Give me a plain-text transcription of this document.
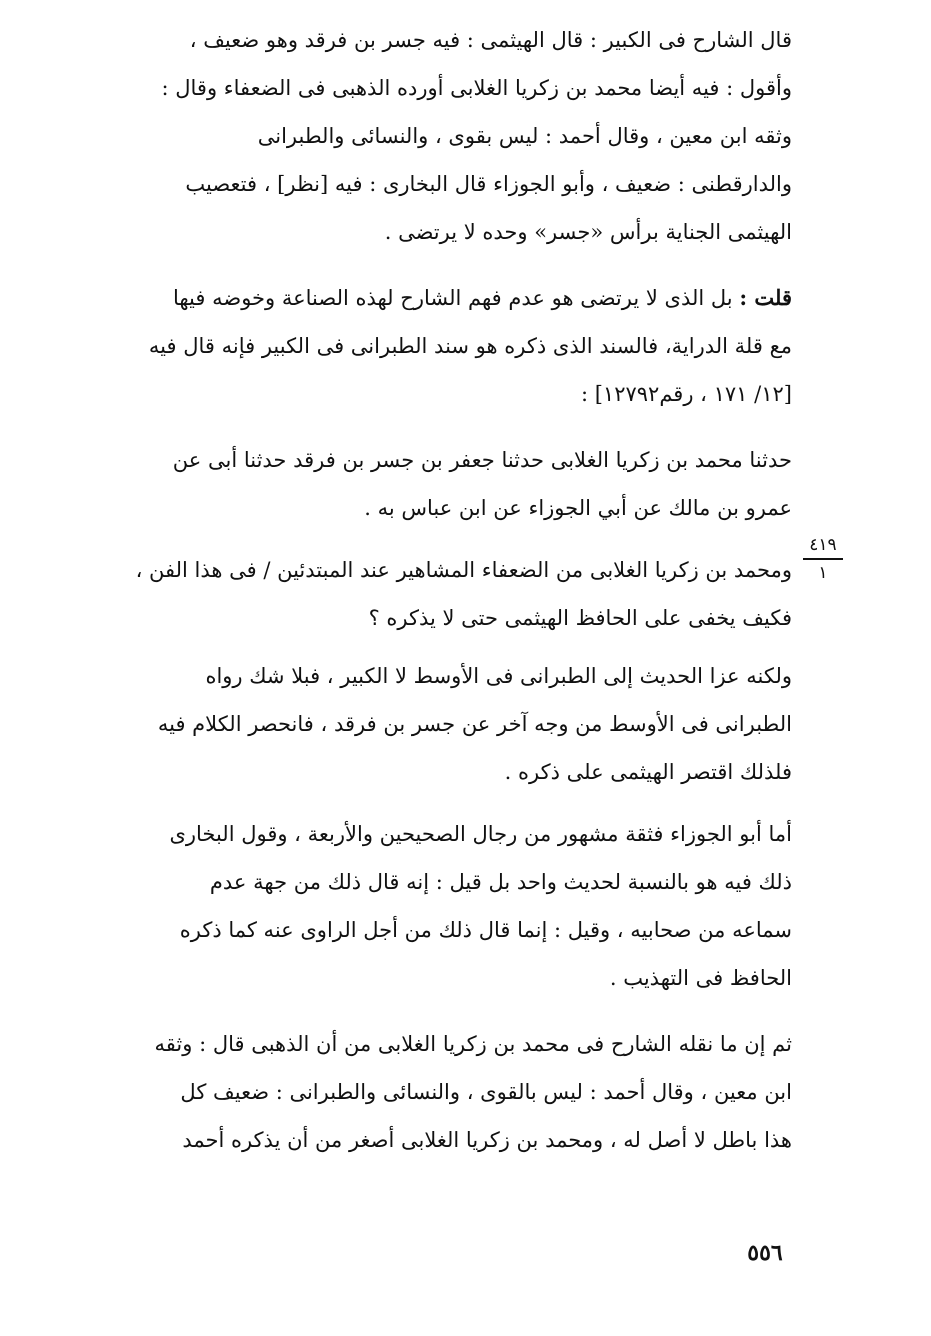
قال الشارح فى الكبير : قال الهيثمى : فيه جسر بن فرقد وهو ضعيف ،
وأقول : فيه أيضا محمد بن زكريا الغلابى أورده الذهبى فى الضعفاء وقال :
وثقه ابن معين ، وقال أحمد : ليس بقوى ، والنسائى والطبرانى
والدارقطنى : ضعيف ، وأبو الجوزاء قال البخارى : فيه [نظر] ، فتعصيب
الهيثمى الجناية برأس «جسر» وحده لا يرتضى .
قلت : بل الذى لا يرتضى هو عدم فهم الشارح لهذه الصناعة وخوضه فيها
مع قلة الدراية، فالسند الذى ذكره هو سند الطبرانى فى الكبير فإنه قال فيه
[١٢/ ١٧١ ، رقم١٢٧٩٢] :
حدثنا محمد بن زكريا الغلابى حدثنا جعفر بن جسر بن فرقد حدثنا أبى عن
عمرو بن مالك عن أبي الجوزاء عن ابن عباس به .
ومحمد بن زكريا الغلابى من الضعفاء المشاهير عند المبتدئين / فى هذا الفن ،
فكيف يخفى على الحافظ الهيثمى حتى لا يذكره ؟
ولكنه عزا الحديث إلى الطبرانى فى الأوسط لا الكبير ، فبلا شك رواه
الطبرانى فى الأوسط من وجه آخر عن جسر بن فرقد ، فانحصر الكلام فيه
فلذلك اقتصر الهيثمى على ذكره .
أما أبو الجوزاء فثقة مشهور من رجال الصحيحين والأربعة ، وقول البخارى
ذلك فيه هو بالنسبة لحديث واحد بل قيل : إنه قال ذلك من جهة عدم
سماعه من صحابيه ، وقيل : إنما قال ذلك من أجل الراوى عنه كما ذكره
الحافظ فى التهذيب .
ثم إن ما نقله الشارح فى محمد بن زكريا الغلابى من أن الذهبى قال : وثقه
ابن معين ، وقال أحمد : ليس بالقوى ، والنسائى والطبرانى : ضعيف كل
هذا باطل لا أصل له ، ومحمد بن زكريا الغلابى أصغر من أن يذكره أحمد
٤١٩
١
٥٥٦
